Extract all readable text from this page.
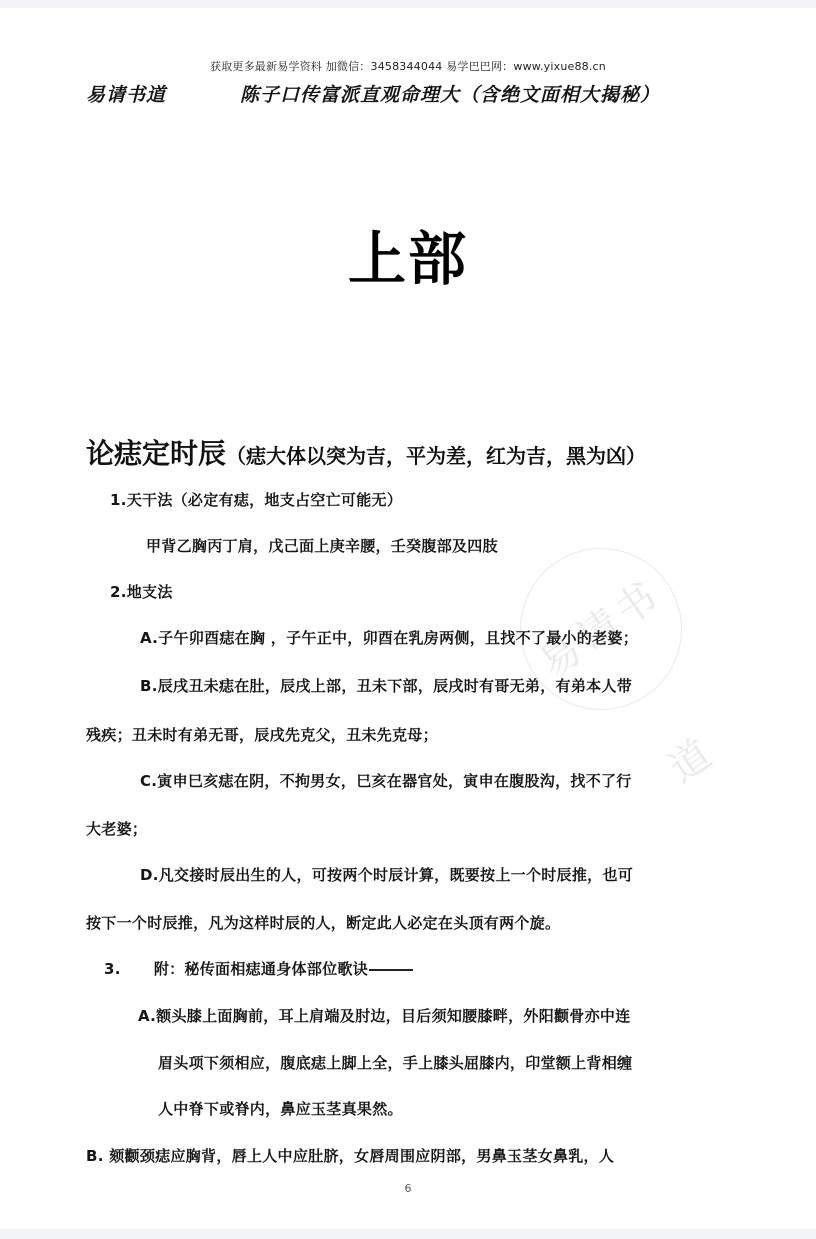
易请书道
获取更多最新易学资料 加微信：3458344044 易学巴巴网：www.yixue88.cn
易请书道	陈子口传富派直观命理大（含绝文面相大揭秘）
上部
论痣定时辰（痣大体以突为吉，平为差，红为吉，黑为凶）
1.天干法（必定有痣，地支占空亡可能无）
甲背乙胸丙丁肩，戊己面上庚辛腰，壬癸腹部及四肢
2.地支法
A.子午卯酉痣在胸 ，子午正中，卯酉在乳房两侧，且找不了最小的老婆；
B.辰戌丑未痣在肚，辰戌上部，丑未下部，辰戌时有哥无弟，有弟本人带
残疾；丑未时有弟无哥，辰戌先克父，丑未先克母；
C.寅申巳亥痣在阴，不拘男女，巳亥在器官处，寅申在腹股沟，找不了行
大老婆；
D.凡交接时辰出生的人，可按两个时辰计算，既要按上一个时辰推，也可
按下一个时辰推，凡为这样时辰的人，断定此人必定在头顶有两个旋。
3. 附：秘传面相痣通身体部位歌诀
A.额头膝上面胸前，耳上肩端及肘边，目后须知腰膝畔，外阳颧骨亦中连
眉头项下须相应，腹底痣上脚上全，手上膝头屈膝内，印堂额上背相缠
人中脊下或脊内，鼻应玉茎真果然。
B. 颏颧颈痣应胸背，唇上人中应肚脐，女唇周围应阴部，男鼻玉茎女鼻乳，人
6
